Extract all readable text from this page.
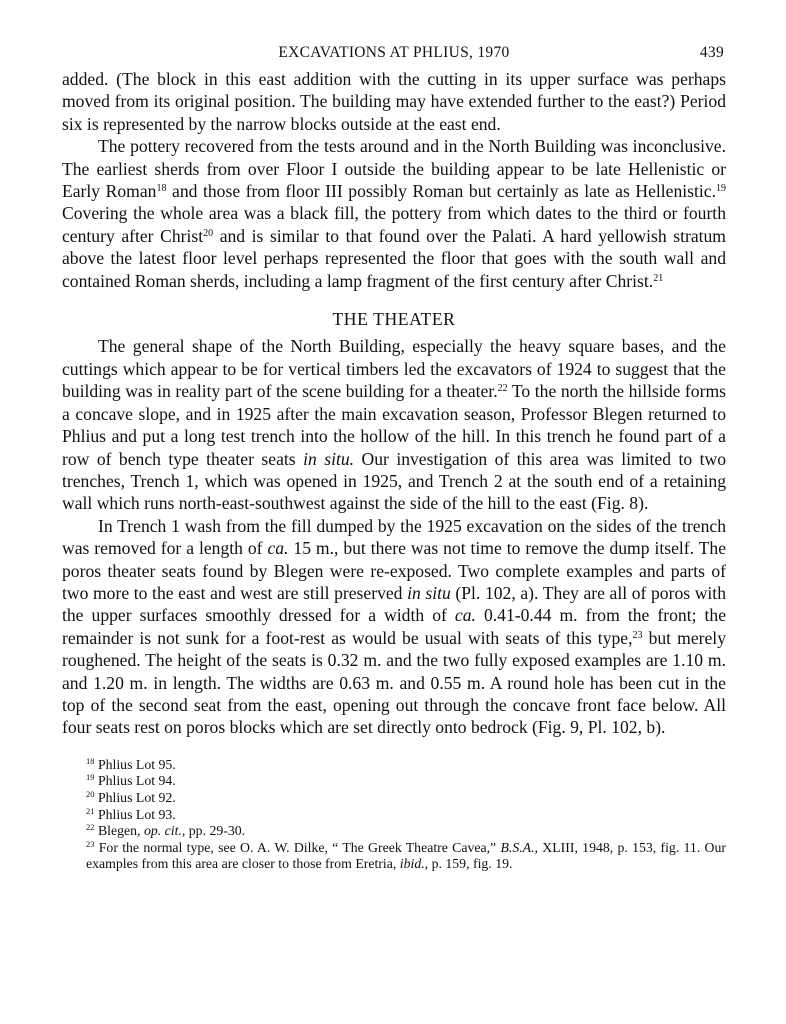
EXCAVATIONS AT PHLIUS, 1970	439

added. (The block in this east addition with the cutting in its upper surface was perhaps moved from its original position. The building may have extended further to the east?) Period six is represented by the narrow blocks outside at the east end.

The pottery recovered from the tests around and in the North Building was inconclusive. The earliest sherds from over Floor I outside the building appear to be late Hellenistic or Early Roman$^{18}$ and those from floor III possibly Roman but certainly as late as Hellenistic.$^{19}$ Covering the whole area was a black fill, the pottery from which dates to the third or fourth century after Christ$^{20}$ and is similar to that found over the Palati. A hard yellowish stratum above the latest floor level perhaps represented the floor that goes with the south wall and contained Roman sherds, including a lamp fragment of the first century after Christ.$^{21}$

THE THEATER

The general shape of the North Building, especially the heavy square bases, and the cuttings which appear to be for vertical timbers led the excavators of 1924 to suggest that the building was in reality part of the scene building for a theater.$^{22}$ To the north the hillside forms a concave slope, and in 1925 after the main excavation season, Professor Blegen returned to Phlius and put a long test trench into the hollow of the hill. In this trench he found part of a row of bench type theater seats in situ. Our investigation of this area was limited to two trenches, Trench 1, which was opened in 1925, and Trench 2 at the south end of a retaining wall which runs north-east-southwest against the side of the hill to the east (Fig. 8).

In Trench 1 wash from the fill dumped by the 1925 excavation on the sides of the trench was removed for a length of ca. 15 m., but there was not time to remove the dump itself. The poros theater seats found by Blegen were re-exposed. Two complete examples and parts of two more to the east and west are still preserved in situ (Pl. 102, a). They are all of poros with the upper surfaces smoothly dressed for a width of ca. 0.41-0.44 m. from the front; the remainder is not sunk for a foot-rest as would be usual with seats of this type,$^{23}$ but merely roughened. The height of the seats is 0.32 m. and the two fully exposed examples are 1.10 m. and 1.20 m. in length. The widths are 0.63 m. and 0.55 m. A round hole has been cut in the top of the second seat from the east, opening out through the concave front face below. All four seats rest on poros blocks which are set directly onto bedrock (Fig. 9, Pl. 102, b).

$^{18}$ Phlius Lot 95.
$^{19}$ Phlius Lot 94.
$^{20}$ Phlius Lot 92.
$^{21}$ Phlius Lot 93.
$^{22}$ Blegen, op. cit., pp. 29-30.
$^{23}$ For the normal type, see O. A. W. Dilke, “ The Greek Theatre Cavea,” B.S.A., XLIII, 1948, p. 153, fig. 11. Our examples from this area are closer to those from Eretria, ibid., p. 159, fig. 19.
